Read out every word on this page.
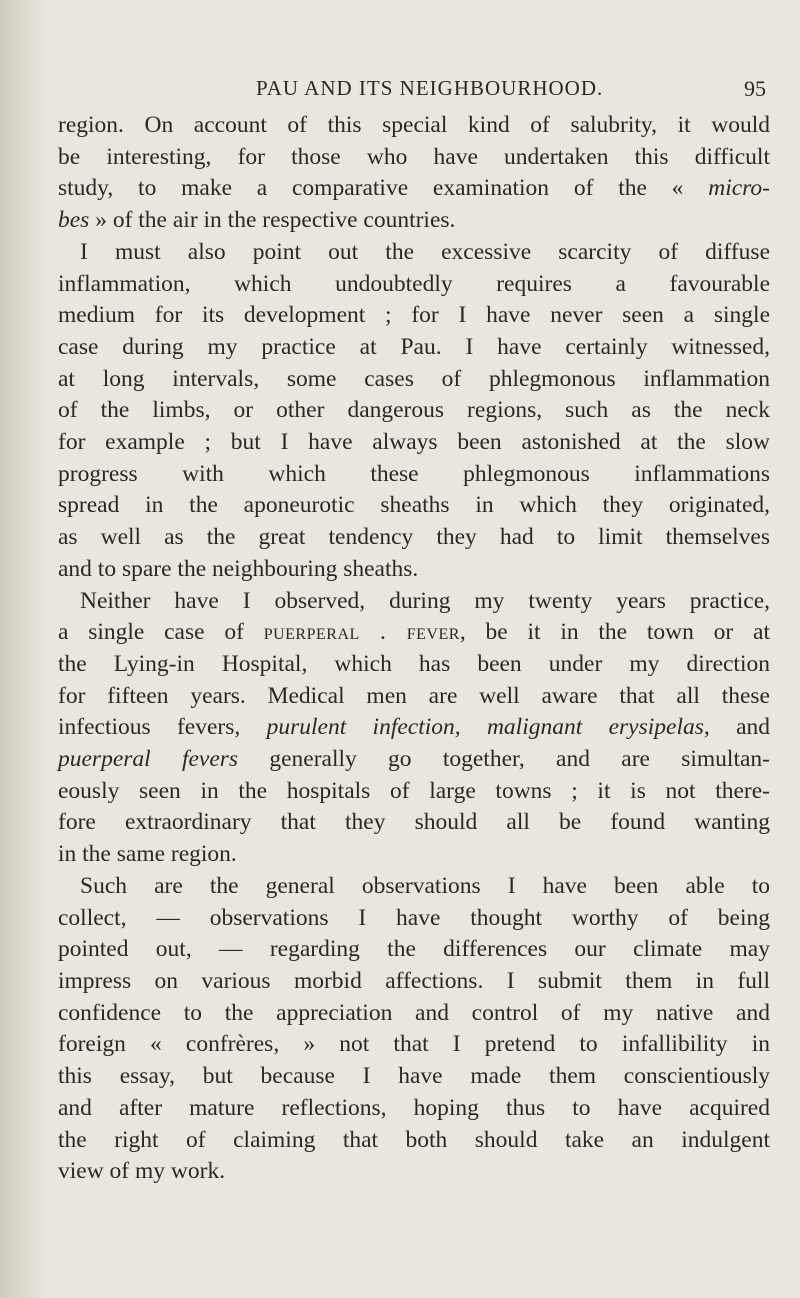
PAU AND ITS NEIGHBOURHOOD.	95
region. On account of this special kind of salubrity, it would
be interesting, for those who have undertaken this difficult
study, to make a comparative examination of the « micro-
bes » of the air in the respective countries.
I must also point out the excessive scarcity of diffuse
inflammation, which undoubtedly requires a favourable
medium for its development ; for I have never seen a single
case during my practice at Pau. I have certainly witnessed,
at long intervals, some cases of phlegmonous inflammation
of the limbs, or other dangerous regions, such as the neck
for example ; but I have always been astonished at the slow
progress with which these phlegmonous inflammations
spread in the aponeurotic sheaths in which they originated,
as well as the great tendency they had to limit themselves
and to spare the neighbouring sheaths.
Neither have I observed, during my twenty years practice,
a single case of puerperal . fever, be it in the town or at
the Lying-in Hospital, which has been under my direction
for fifteen years. Medical men are well aware that all these
infectious fevers, purulent infection, malignant erysipelas, and
puerperal fevers generally go together, and are simultan-
eously seen in the hospitals of large towns ; it is not there-
fore extraordinary that they should all be found wanting
in the same region.
Such are the general observations I have been able to
collect, — observations I have thought worthy of being
pointed out, — regarding the differences our climate may
impress on various morbid affections. I submit them in full
confidence to the appreciation and control of my native and
foreign « confrères, » not that I pretend to infallibility in
this essay, but because I have made them conscientiously
and after mature reflections, hoping thus to have acquired
the right of claiming that both should take an indulgent
view of my work.
